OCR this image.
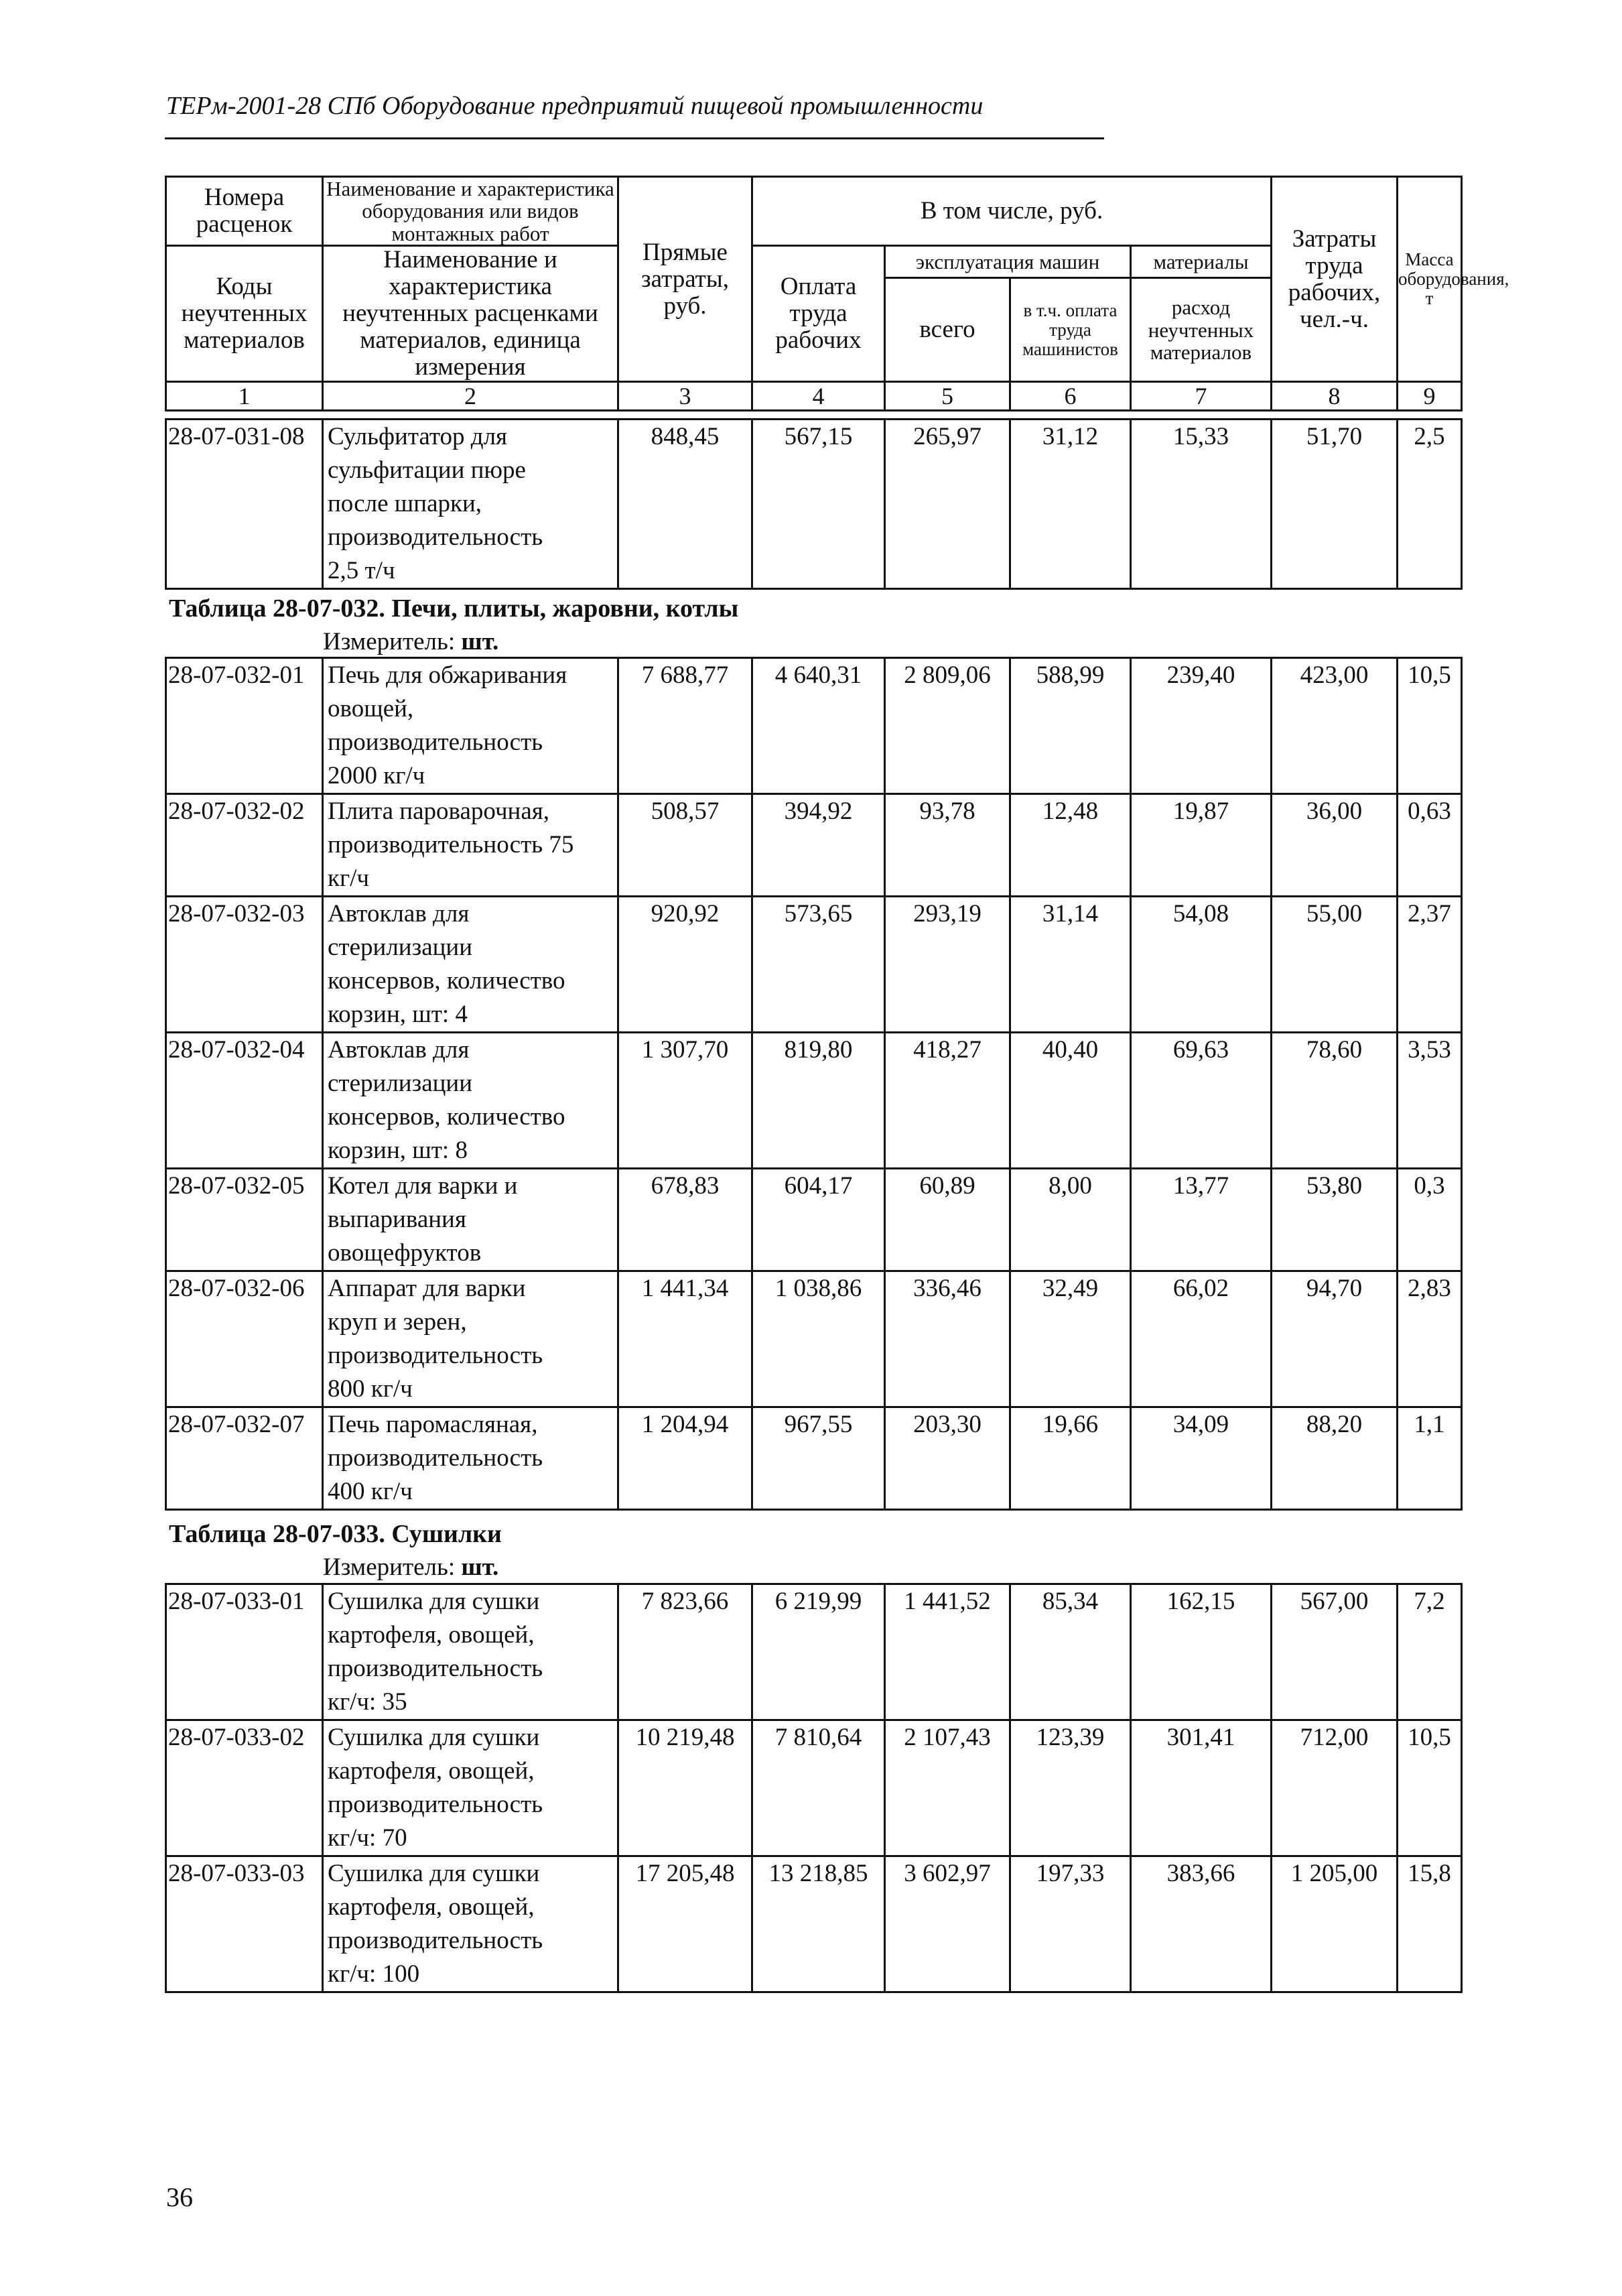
ТЕРм-2001-28 СПб Оборудование предприятий пищевой промышленности
Номера расценок	Наименование и характеристика оборудования или видов монтажных работ	Прямые затраты, руб.	В том числе, руб.				Затраты труда рабочих, чел.-ч.	Масса оборудования, т
Коды неучтенных материалов	Наименование и характеристика неучтенных расценками материалов, единица измерения		Оплата труда рабочих	эксплуатация машин		материалы		
				всего	в т.ч. оплата труда машинистов	расход неучтенных материалов		

1	2	3	4	5	6	7	8	9
28-07-031-08	Сульфитатор для
сульфитации пюре
после шпарки,
производительность
2,5 т/ч
	848,45	567,15	265,97	31,12	15,33	51,70	2,5
Таблица 28-07-032. Печи, плиты, жаровни, котлы
Измеритель: шт.
28-07-032-01	Печь для обжаривания
овощей,
производительность
2000 кг/ч	7 688,77	4 640,31	2 809,06	588,99	239,40	423,00	10,5
28-07-032-02	Плита пароварочная,
производительность 75
кг/ч	508,57	394,92	93,78	12,48	19,87	36,00	0,63
28-07-032-03	Автоклав для
стерилизации
консервов, количество
корзин, шт: 4	920,92	573,65	293,19	31,14	54,08	55,00	2,37
28-07-032-04	Автоклав для
стерилизации
консервов, количество
корзин, шт: 8	1 307,70	819,80	418,27	40,40	69,63	78,60	3,53
28-07-032-05	Котел для варки и
выпаривания
овощефруктов	678,83	604,17	60,89	8,00	13,77	53,80	0,3
28-07-032-06	Аппарат для варки
круп и зерен,
производительность
800 кг/ч	1 441,34	1 038,86	336,46	32,49	66,02	94,70	2,83
28-07-032-07	Печь паромасляная,
производительность
400 кг/ч	1 204,94	967,55	203,30	19,66	34,09	88,20	1,1
Таблица 28-07-033. Сушилки
Измеритель: шт.
28-07-033-01	Сушилка для сушки
картофеля, овощей,
производительность
кг/ч: 35	7 823,66	6 219,99	1 441,52	85,34	162,15	567,00	7,2
28-07-033-02	Сушилка для сушки
картофеля, овощей,
производительность
кг/ч: 70	10 219,48	7 810,64	2 107,43	123,39	301,41	712,00	10,5
28-07-033-03	Сушилка для сушки
картофеля, овощей,
производительность
кг/ч: 100	17 205,48	13 218,85	3 602,97	197,33	383,66	1 205,00	15,8
36
